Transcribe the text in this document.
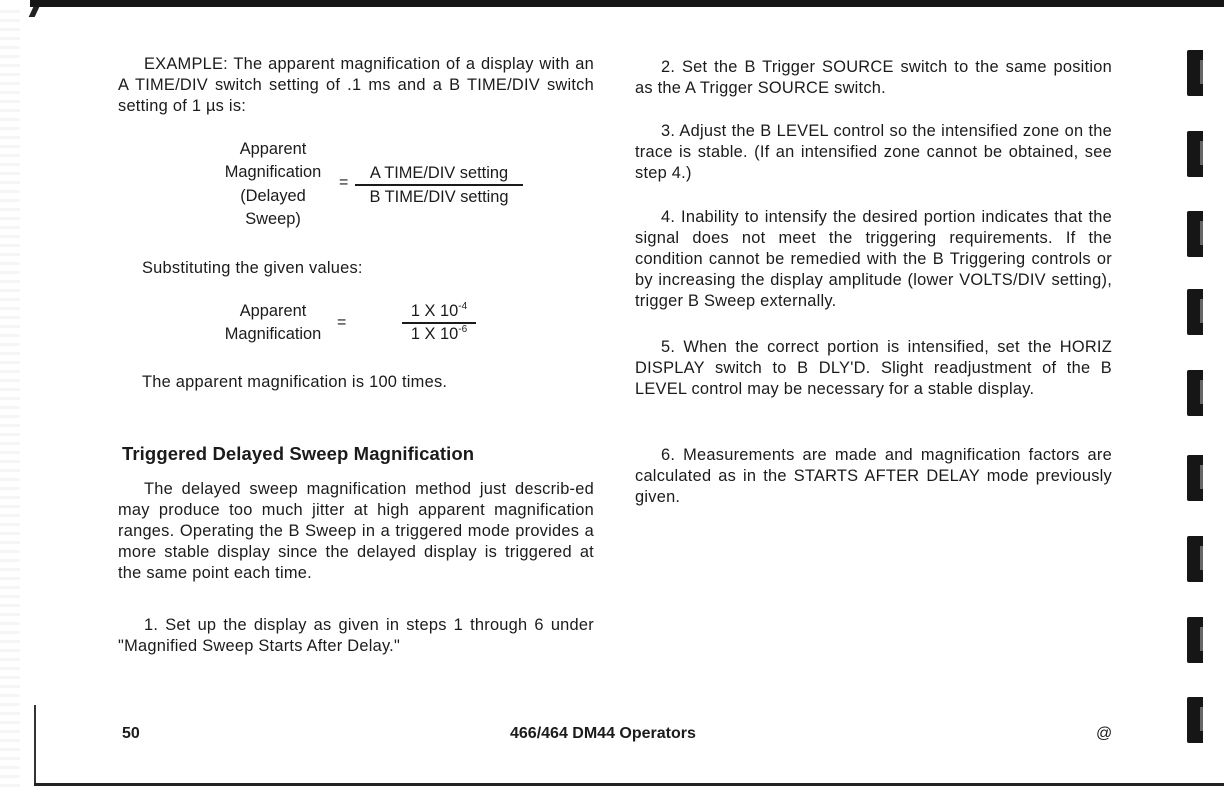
EXAMPLE: The apparent magnification of a display with an A TIME/DIV switch setting of .1 ms and a B TIME/DIV switch setting of 1 µs is:

Apparent
Magnification
(Delayed
Sweep)
=
A TIME/DIV setting
B TIME/DIV setting

Substituting the given values:

Apparent
Magnification
=
1 X $10^{-4}$
1 X $10^{-6}$

The apparent magnification is 100 times.

Triggered Delayed Sweep Magnification

The delayed sweep magnification method just describ-ed may produce too much jitter at high apparent magnification ranges. Operating the B Sweep in a triggered mode provides a more stable display since the delayed display is triggered at the same point each time.

1. Set up the display as given in steps 1 through 6 under "Magnified Sweep Starts After Delay."

2. Set the B Trigger SOURCE switch to the same position as the A Trigger SOURCE switch.

3. Adjust the B LEVEL control so the intensified zone on the trace is stable. (If an intensified zone cannot be obtained, see step 4.)

4. Inability to intensify the desired portion indicates that the signal does not meet the triggering requirements. If the condition cannot be remedied with the B Triggering controls or by increasing the display amplitude (lower VOLTS/DIV setting), trigger B Sweep externally.

5. When the correct portion is intensified, set the HORIZ DISPLAY switch to B DLY'D. Slight readjustment of the B LEVEL control may be necessary for a stable display.

6. Measurements are made and magnification factors are calculated as in the STARTS AFTER DELAY mode previously given.

50	466/464 DM44 Operators	@
